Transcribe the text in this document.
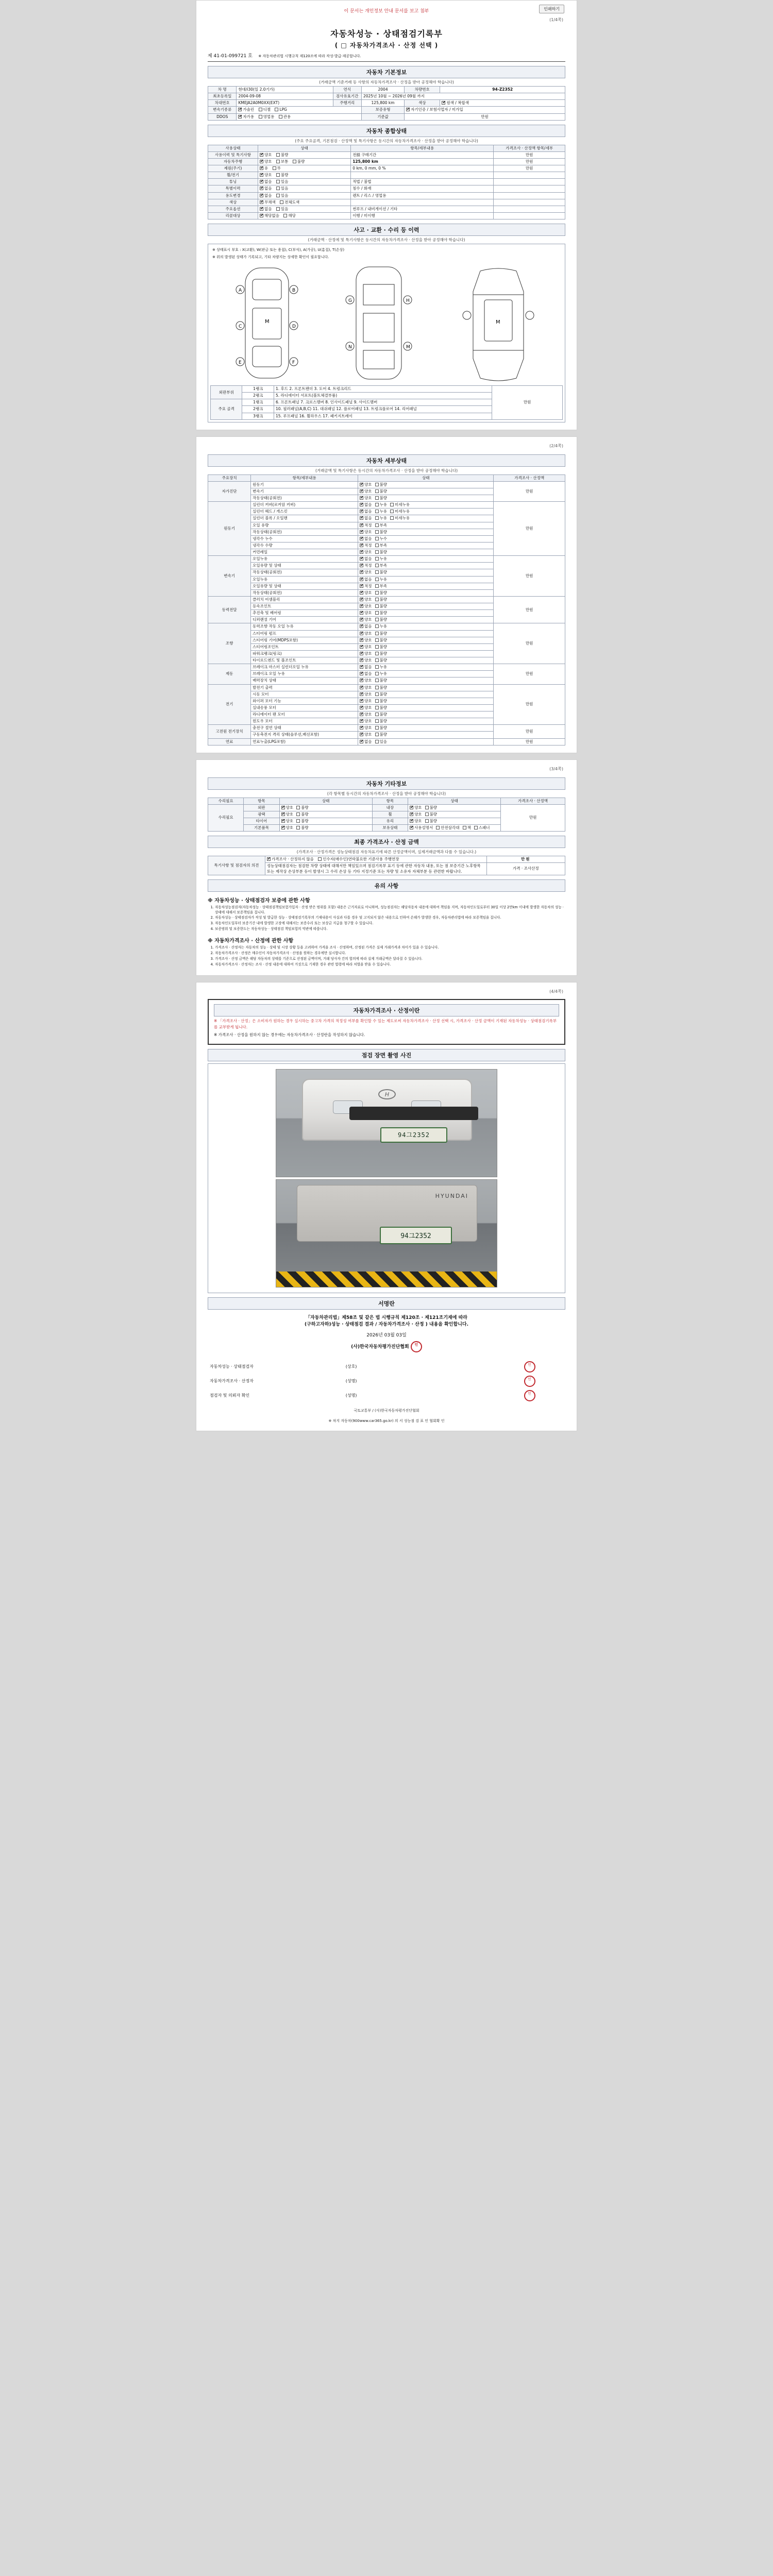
이 문서는 개인정보 안내 문서를 보고 첨부	인쇄하기
(1/4쪽)
자동차성능 · 상태점검기록부
( □ 자동차가격조사 · 산정 선택 )
제 41-01-099721 호 ※ 자동차관리법 시행규칙 제120조에 따라 작성·발급·제공합니다.
자동차 기본정보
(거래금액 기준거래 등 사항의 자동차가격조사 · 산정을 받아 공정해야 학습니다)
차 명	현대/i30(일 2.0기가)	연식	2004	차량번호	94-Z2352
최초등록일	2004-09-08	검사유효기간	2025년 10월 ~ 2026년 09월 까지		
차대번호	KMEJA2A0M0XX(EXT)	주행거리	125,800 km	색상	✔원색 / 복합색
변속기종류	✔가솔린 디젤 LPG		보증유형	✔자기인증 / 보험사업자 / 미가입
DDOS	✔자가용 영업용 관용		기준값	만원	
자동차 종합상태
(주요 주요골격, 기본점검 · 산정액 및 특기사항은 동시간의 자동차가격조사 · 산정을 받아 공정해야 학습니다)
사용상태	상태	항목/세부내용	가격조사 · 산정액 항목/세부
사용이력 및 특기사항	✔양호 불량	전損 구매기간	만원
자동차주행	✔양호 보통 불량	125,800 km	만원
제원(주기)	✔유 무	0 km, 0 mm, 0 %	만원
휠/전기	✔양호 불량		
튜닝	✔없음 있음	적법 / 불법	
특별이력	✔없음 있음	침수 / 화재	
용도변경	✔없음 있음	렌트 / 리스 / 영업용	
색상	✔무채색 전체도색		
주요옵션	✔없음 있음	썬루프 / 내비게이션 / 기타	
리콜대상	✔해당없음 해당	이행 / 미이행	
사고 · 교환 · 수리 등 이력
(거래금액 · 산정에 및 특기사항은 동시간의 자동차가격조사 · 산정을 받아 공정해야 학습니다)
※ 상태표시 부호 : X(교환), W(판금 또는 용접), C(부식), A(가공), U(흠집), T(손상)
※ 위의 발생된 상태가 기록되고, 기타 차량지는 상세한 확인이 필요합니다.
A	B
C	D
E	F
M
G	H
N	M
M
외판부위	1랭크	1. 후드 2. 프론트팬더 3. 도어 4. 트렁크리드	만원
	2랭크	5. 라디에이터 서포트(볼트체결부품)	
주요 골격	1랭크	6. 프론트패널 7. 크로스멤버 8. 인사이드패널 9. 사이드멤버	
	2랭크	10. 필러패널(A,B,C) 11. 대쉬패널 12. 플로어패널 13. 트렁크플로어 14. 리어패널	
	3랭크	15. 루프패널 16. 휠하우스 17. 패키지트레이	
(2/4쪽)
자동차 세부상태
(거래금액 및 특기사항은 동시간의 자동차가격조사 · 산정을 받아 공정해야 학습니다)
주요장치	항목/세부내용	상태	가격조사 · 산정액
자가진단	원동기	✔양호 불량	만원
	변속기	✔양호 불량
	작동상태(공회전)	✔양호 불량
원동기	실린더 커버(로커암 커버)	✔없음 누유 미세누유	만원
	실린더 헤드 / 개스킷	✔없음 누유 미세누유
	실린더 블록 / 오일팬	✔없음 누유 미세누유
	오일 유량	✔적정 부족
	작동상태(공회전)	✔양호 불량
	냉각수 누수	✔없음 누수
	냉각수 수량	✔적정 부족
	커먼레일	✔양호 불량
변속기	오일누유	✔없음 누유	만원
	오일유량 및 상태	✔적정 부족
	작동상태(공회전)	✔양호 불량
	오일누유	✔없음 누유
	오일유량 및 상태	✔적정 부족
	작동상태(공회전)	✔양호 불량
동력전달	클러치 어셈블리	✔양호 불량	만원
	등속조인트	✔양호 불량
	추진축 및 베어링	✔양호 불량
	디퍼렌셜 기어	✔양호 불량
조향	동력조향 작동 오일 누유	✔없음 누유	만원
	스티어링 펌프	✔양호 불량
	스티어링 기어(MDPS포함)	✔양호 불량
	스티어링조인트	✔양호 불량
	파워크랭크(링크)	✔양호 불량
	타이로드엔드 및 볼조인트	✔양호 불량
제동	브레이크 마스터 실린더오일 누유	✔없음 누유	만원
	브레이크 오일 누유	✔없음 누유
	배력장치 상태	✔양호 불량
전기	발전기 출력	✔양호 불량	만원
	시동 모터	✔양호 불량
	와이퍼 모터 기능	✔양호 불량
	실내송풍 모터	✔양호 불량
	라디에이터 팬 모터	✔양호 불량
	윈도우 모터	✔양호 불량
고전원 전기장치	충전구 절연 상태	✔양호 불량	만원
	구동축전지 격리 상태(솔루션,배선포함)	✔양호 불량
연료	연료누출(LPG포함)	✔없음 있음	만원
(3/4쪽)
자동차 기타정보
(각 항목별 동시간의 자동차가격조사 · 산정을 받아 공정해야 학습니다)
수리필요	항목	상태	항목	상태	가격조사 · 산정액
수리필요	외판	✔양호 불량	내장	✔양호 불량	만원
	광택	✔양호 불량	휠	✔양호 불량
	타이어	✔양호 불량	유리	✔양호 불량
	기본품목	✔양호 불량	보유상태	✔사용설명서 안전삼각대 잭 스패너
최종 가격조사 · 산정 금액
(가격조사 · 산정가격은 성능상태점검 자동차표기에 따른 산정금액이며, 실제거래금액과 다를 수 있습니다.)
특기사항 및 점검자의 의견	✔가격조사 · 산정하지 않음 인수자(매수인)연락불요한 기준사용 주행연장	만원
	성능상태점검자는 점검한 차량 상태에 대해서만 책임있으며 점검기록부 표기 등에 관한 자동차 내용, 또는 점 보증기간 노후항목 또는 제작상 손상부분 등이 발생시 그 수리 손상 등 기타 지정기준 또는 차량 및 소유자 자체부분 등 관련한 바랍니다.	가격 · 조사산정
유의 사항
※ 자동차성능 · 상태점검자 보증에 관한 사항
1. 자동차성능점검자(자동차성능 · 상태점검책임보험가입자 · 산정 받은 범위를 포함) 내용은 근거자료로 아니하며, 성능점검자는 해당자동차 내용에 대하여 책임을 지며, 자동차인도일로부터 30일 이상 2만km 이내에 발생한 자동차의 성능 · 상태에 대해서 보증책임을 집니다.
2. 자동차성능 · 상태점검자가 작성 및 발급한 성능 · 상태점검기록부의 기재내용이 사실과 다를 경우 및 고지되지 않은 내용으로 인하여 손해가 발생한 경우, 자동차관리법에 따라 보증책임을 집니다.
3. 자동차인도일부터 보증기간 내에 발생한 고장에 대해서는 보증수리 또는 보상금 지급을 청구할 수 있습니다.
4. 보증범위 및 보증한도는 자동차성능 · 상태점검 책임보험의 약관에 따릅니다.
※ 자동차가격조사 · 산정에 관한 사항
1. 가격조사 · 산정자는 자동차의 성능 · 상태 및 시장 상황 등을 고려하여 가격을 조사 · 산정하며, 산정된 가격은 실제 거래가격과 차이가 있을 수 있습니다.
2. 자동차가격조사 · 산정은 매수인이 자동차가격조사 · 산정을 원하는 경우에만 실시합니다.
3. 가격조사 · 산정 금액은 해당 자동차의 상태를 기준으로 산정된 금액이며, 거래 당사자 간의 합의에 따라 실제 거래금액은 달라질 수 있습니다.
4. 자동차가격조사 · 산정자는 조사 · 산정 내용에 대하여 거짓으로 기재한 경우 관련 법령에 따라 처벌을 받을 수 있습니다.
(4/4쪽)
자동차가격조사 · 산정이란

※ 「가격조사 · 산정」은 소비자가 원하는 경우 실시하는 중고차 가격의 적정성 여부를 확인할 수 있는 제도로써 자동차가격조사 · 산정 선택 시, 가격조사 · 산정 금액이 기재된 자동차성능 · 상태점검기록부를 교부받게 됩니다.

※ 가격조사 · 산정을 원하지 않는 경우에는 자동차가격조사 · 산정란을 작성하지 않습니다.

점검 장면 촬영 사진
H
94그2352
HYUNDAI
94그2352
서명란
「자동차관리법」제58조 및 같은 법 시행규칙 제120조 · 제121조기재에 따라
(구하고자하)성능 · 상태점검 결과 / 자동차가격조사 · 산정 ) 내용을 확인합니다.
2026년 03월 03일
(사)한국자동차평가진단협회 인
자동차성능 · 상태점검자	(상호)	인
자동차가격조사 · 산정자	(성명)	인
점검자 및 의뢰자 확인	(성명)	인
국토교통부 / (사)한국자동차평가진단협회
※ 차지 자동차(900www.car365.go.kr) 의 서 성능점 검 표 인 협회확 인
